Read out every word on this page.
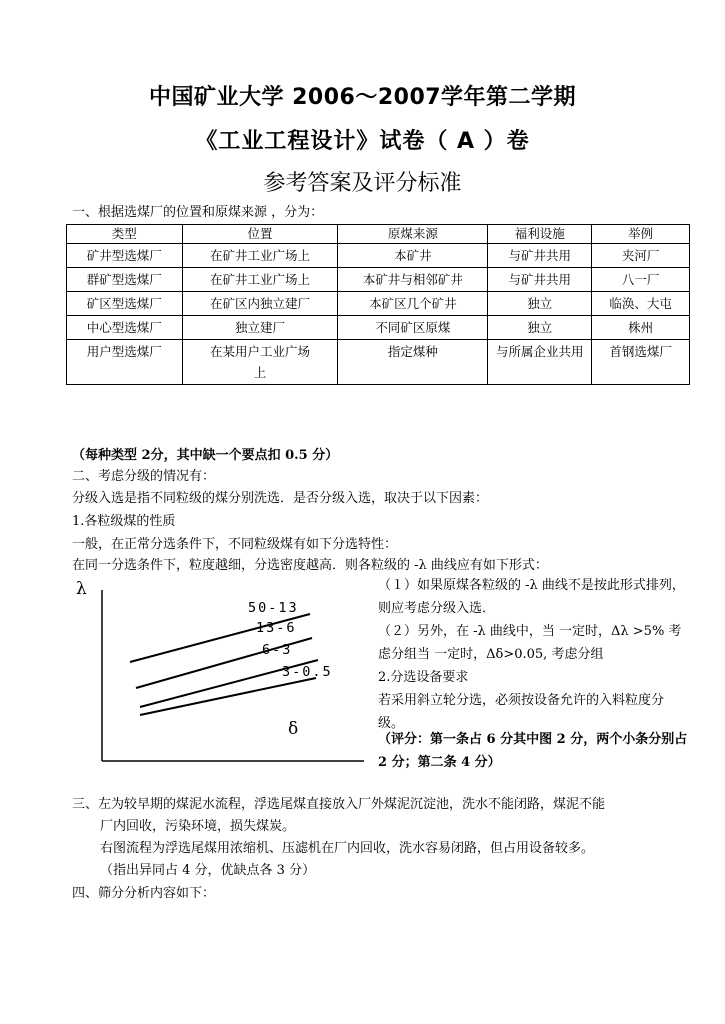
中国矿业大学 2006～2007学年第二学期
《工业工程设计》试卷（ A ）卷
参考答案及评分标准
一、根据选煤厂的位置和原煤来源 ，分为：
类型	位置	原煤来源	福利设施	举例
矿井型选煤厂	在矿井工业广场上	本矿井	与矿井共用	夹河厂
群矿型选煤厂	在矿井工业广场上	本矿井与相邻矿井	与矿井共用	八一厂
矿区型选煤厂	在矿区内独立建厂	本矿区几个矿井	独立	临涣、大屯
中心型选煤厂	独立建厂	不同矿区原煤	独立	株州
用户型选煤厂	在某用户工业广场上	指定煤种	与所属企业共用	首钢选煤厂
（每种类型 2分，其中缺一个要点扣 0.5 分）
二、考虑分级的情况有：
分级入选是指不同粒级的煤分别洗选．是否分级入选，取决于以下因素：
1.各粒级煤的性质
一般，在正常分选条件下，不同粒级煤有如下分选特性：
在同一分选条件下，粒度越细，分选密度越高．则各粒级的 -λ 曲线应有如下形式：
λ
δ
50-13
13-6
6-3
3-0.5
（１）如果原煤各粒级的 -λ 曲线不是按此形式排列，则应考虑分级入选．
（２）另外，在 -λ 曲线中，当 一定时，Δλ >5% 考虑分组当 一定时，Δδ>0.05, 考虑分组
2.分选设备要求
若采用斜立轮分选，必须按设备允许的入料粒度分级。
（评分：第一条占 6 分其中图 2 分，两个小条分别占 2 分；第二条 4 分）
三、左为较早期的煤泥水流程，浮选尾煤直接放入厂外煤泥沉淀池，洗水不能闭路，煤泥不能
厂内回收，污染环境，损失煤炭。
右图流程为浮选尾煤用浓缩机、压滤机在厂内回收，洗水容易闭路，但占用设备较多。
（指出异同占 4 分，优缺点各 3 分）
四、筛分分析内容如下：
